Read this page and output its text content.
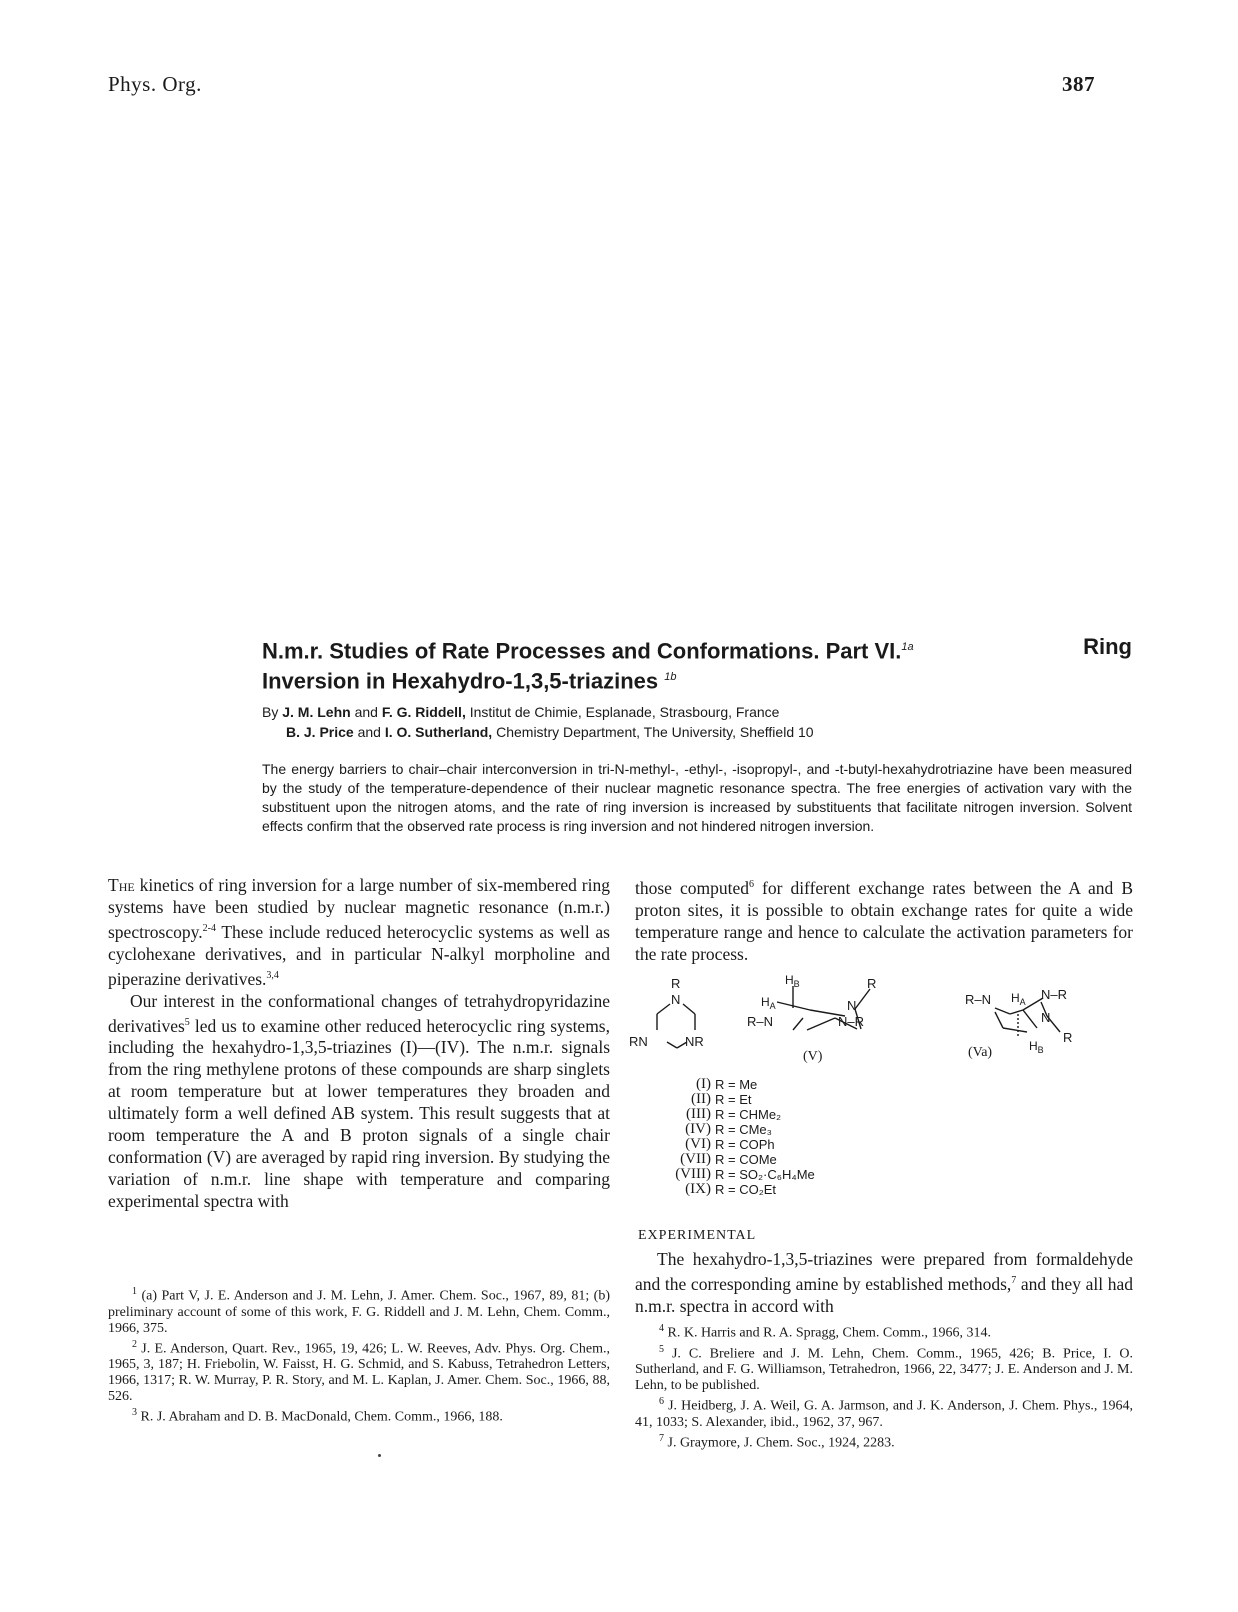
Phys. Org.	387
N.m.r. Studies of Rate Processes and Conformations. Part VI.$^{1a}$	Ring
Inversion in Hexahydro-1,3,5-triazines $^{1b}$
By J. M. Lehn and F. G. Riddell, Institut de Chimie, Esplanade, Strasbourg, France
B. J. Price and I. O. Sutherland, Chemistry Department, The University, Sheffield 10
The energy barriers to chair–chair interconversion in tri-N-methyl-, -ethyl-, -isopropyl-, and -t-butyl-hexahydrotriazine have been measured by the study of the temperature-dependence of their nuclear magnetic resonance spectra. The free energies of activation vary with the substituent upon the nitrogen atoms, and the rate of ring inversion is increased by substituents that facilitate nitrogen inversion. Solvent effects confirm that the observed rate process is ring inversion and not hindered nitrogen inversion.

The kinetics of ring inversion for a large number of six-membered ring systems have been studied by nuclear magnetic resonance (n.m.r.) spectroscopy.$^{2-4}$ These include reduced heterocyclic systems as well as cyclohexane derivatives, and in particular N-alkyl morpholine and piperazine derivatives.$^{3,4}$

Our interest in the conformational changes of tetrahydropyridazine derivatives$^5$ led us to examine other reduced heterocyclic ring systems, including the hexahydro-1,3,5-triazines (I)—(IV). The n.m.r. signals from the ring methylene protons of these compounds are sharp singlets at room temperature but at lower temperatures they broaden and ultimately form a well defined AB system. This result suggests that at room temperature the A and B proton signals of a single chair conformation (V) are averaged by rapid ring inversion. By studying the variation of n.m.r. line shape with temperature and comparing experimental spectra with

$^1$ (a) Part V, J. E. Anderson and J. M. Lehn, J. Amer. Chem. Soc., 1967, 89, 81; (b) preliminary account of some of this work, F. G. Riddell and J. M. Lehn, Chem. Comm., 1966, 375.

$^2$ J. E. Anderson, Quart. Rev., 1965, 19, 426; L. W. Reeves, Adv. Phys. Org. Chem., 1965, 3, 187; H. Friebolin, W. Faisst, H. G. Schmid, and S. Kabuss, Tetrahedron Letters, 1966, 1317; R. W. Murray, P. R. Story, and M. L. Kaplan, J. Amer. Chem. Soc., 1966, 88, 526.

$^3$ R. J. Abraham and D. B. MacDonald, Chem. Comm., 1966, 188.

those computed$^6$ for different exchange rates between the A and B proton sites, it is possible to obtain exchange rates for quite a wide temperature range and hence to calculate the activation parameters for the rate process.

R
N
RN	NR
$H_B$
$H_A$
R
N
R–N	N–R
(V)
R–N $H_A$ N–R
N
R
$H_B$
(Va)
(I) R = Me
(II) R = Et
(III) R = CHMe₂
(IV) R = CMe₃
(VI) R = COPh
(VII) R = COMe
(VIII) R = SO₂·C₆H₄Me
(IX) R = CO₂Et
EXPERIMENTAL

The hexahydro-1,3,5-triazines were prepared from formaldehyde and the corresponding amine by established methods,$^7$ and they all had n.m.r. spectra in accord with

$^4$ R. K. Harris and R. A. Spragg, Chem. Comm., 1966, 314.

$^5$ J. C. Breliere and J. M. Lehn, Chem. Comm., 1965, 426; B. Price, I. O. Sutherland, and F. G. Williamson, Tetrahedron, 1966, 22, 3477; J. E. Anderson and J. M. Lehn, to be published.

$^6$ J. Heidberg, J. A. Weil, G. A. Jarmson, and J. K. Anderson, J. Chem. Phys., 1964, 41, 1033; S. Alexander, ibid., 1962, 37, 967.

$^7$ J. Graymore, J. Chem. Soc., 1924, 2283.
